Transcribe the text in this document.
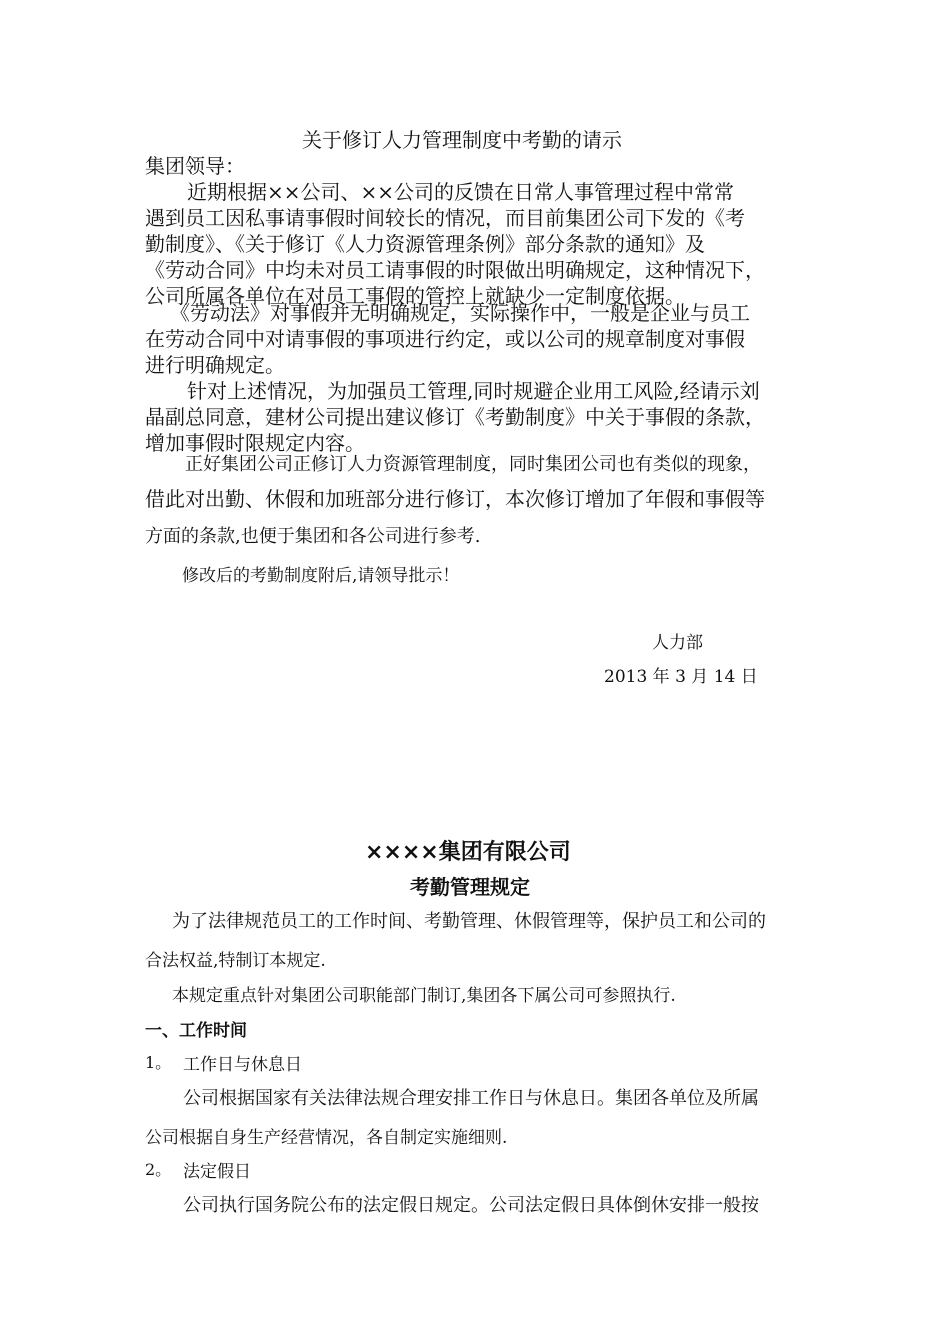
关于修订人力管理制度中考勤的请示
集团领导：
近期根据××公司、××公司的反馈在日常人事管理过程中常常
遇到员工因私事请事假时间较长的情况，而目前集团公司下发的《考
勤制度》、《关于修订《人力资源管理条例》部分条款的通知》及
《劳动合同》中均未对员工请事假的时限做出明确规定，这种情况下，
公司所属各单位在对员工事假的管控上就缺少一定制度依据。
《劳动法》对事假并无明确规定，实际操作中，一般是企业与员工
在劳动合同中对请事假的事项进行约定，或以公司的规章制度对事假
进行明确规定。
针对上述情况，为加强员工管理,同时规避企业用工风险,经请示刘
晶副总同意，建材公司提出建议修订《考勤制度》中关于事假的条款，
增加事假时限规定内容。
正好集团公司正修订人力资源管理制度，同时集团公司也有类似的现象，
借此对出勤、休假和加班部分进行修订，本次修订增加了年假和事假等
方面的条款,也便于集团和各公司进行参考.
修改后的考勤制度附后,请领导批示！
人力部
2013 年 3 月 14 日
××××集团有限公司
考勤管理规定
为了法律规范员工的工作时间、考勤管理、休假管理等，保护员工和公司的
合法权益,特制订本规定.
本规定重点针对集团公司职能部门制订,集团各下属公司可参照执行.
一、工作时间
1。 工作日与休息日
公司根据国家有关法律法规合理安排工作日与休息日。集团各单位及所属
公司根据自身生产经营情况，各自制定实施细则.
2。 法定假日
公司执行国务院公布的法定假日规定。公司法定假日具体倒休安排一般按
